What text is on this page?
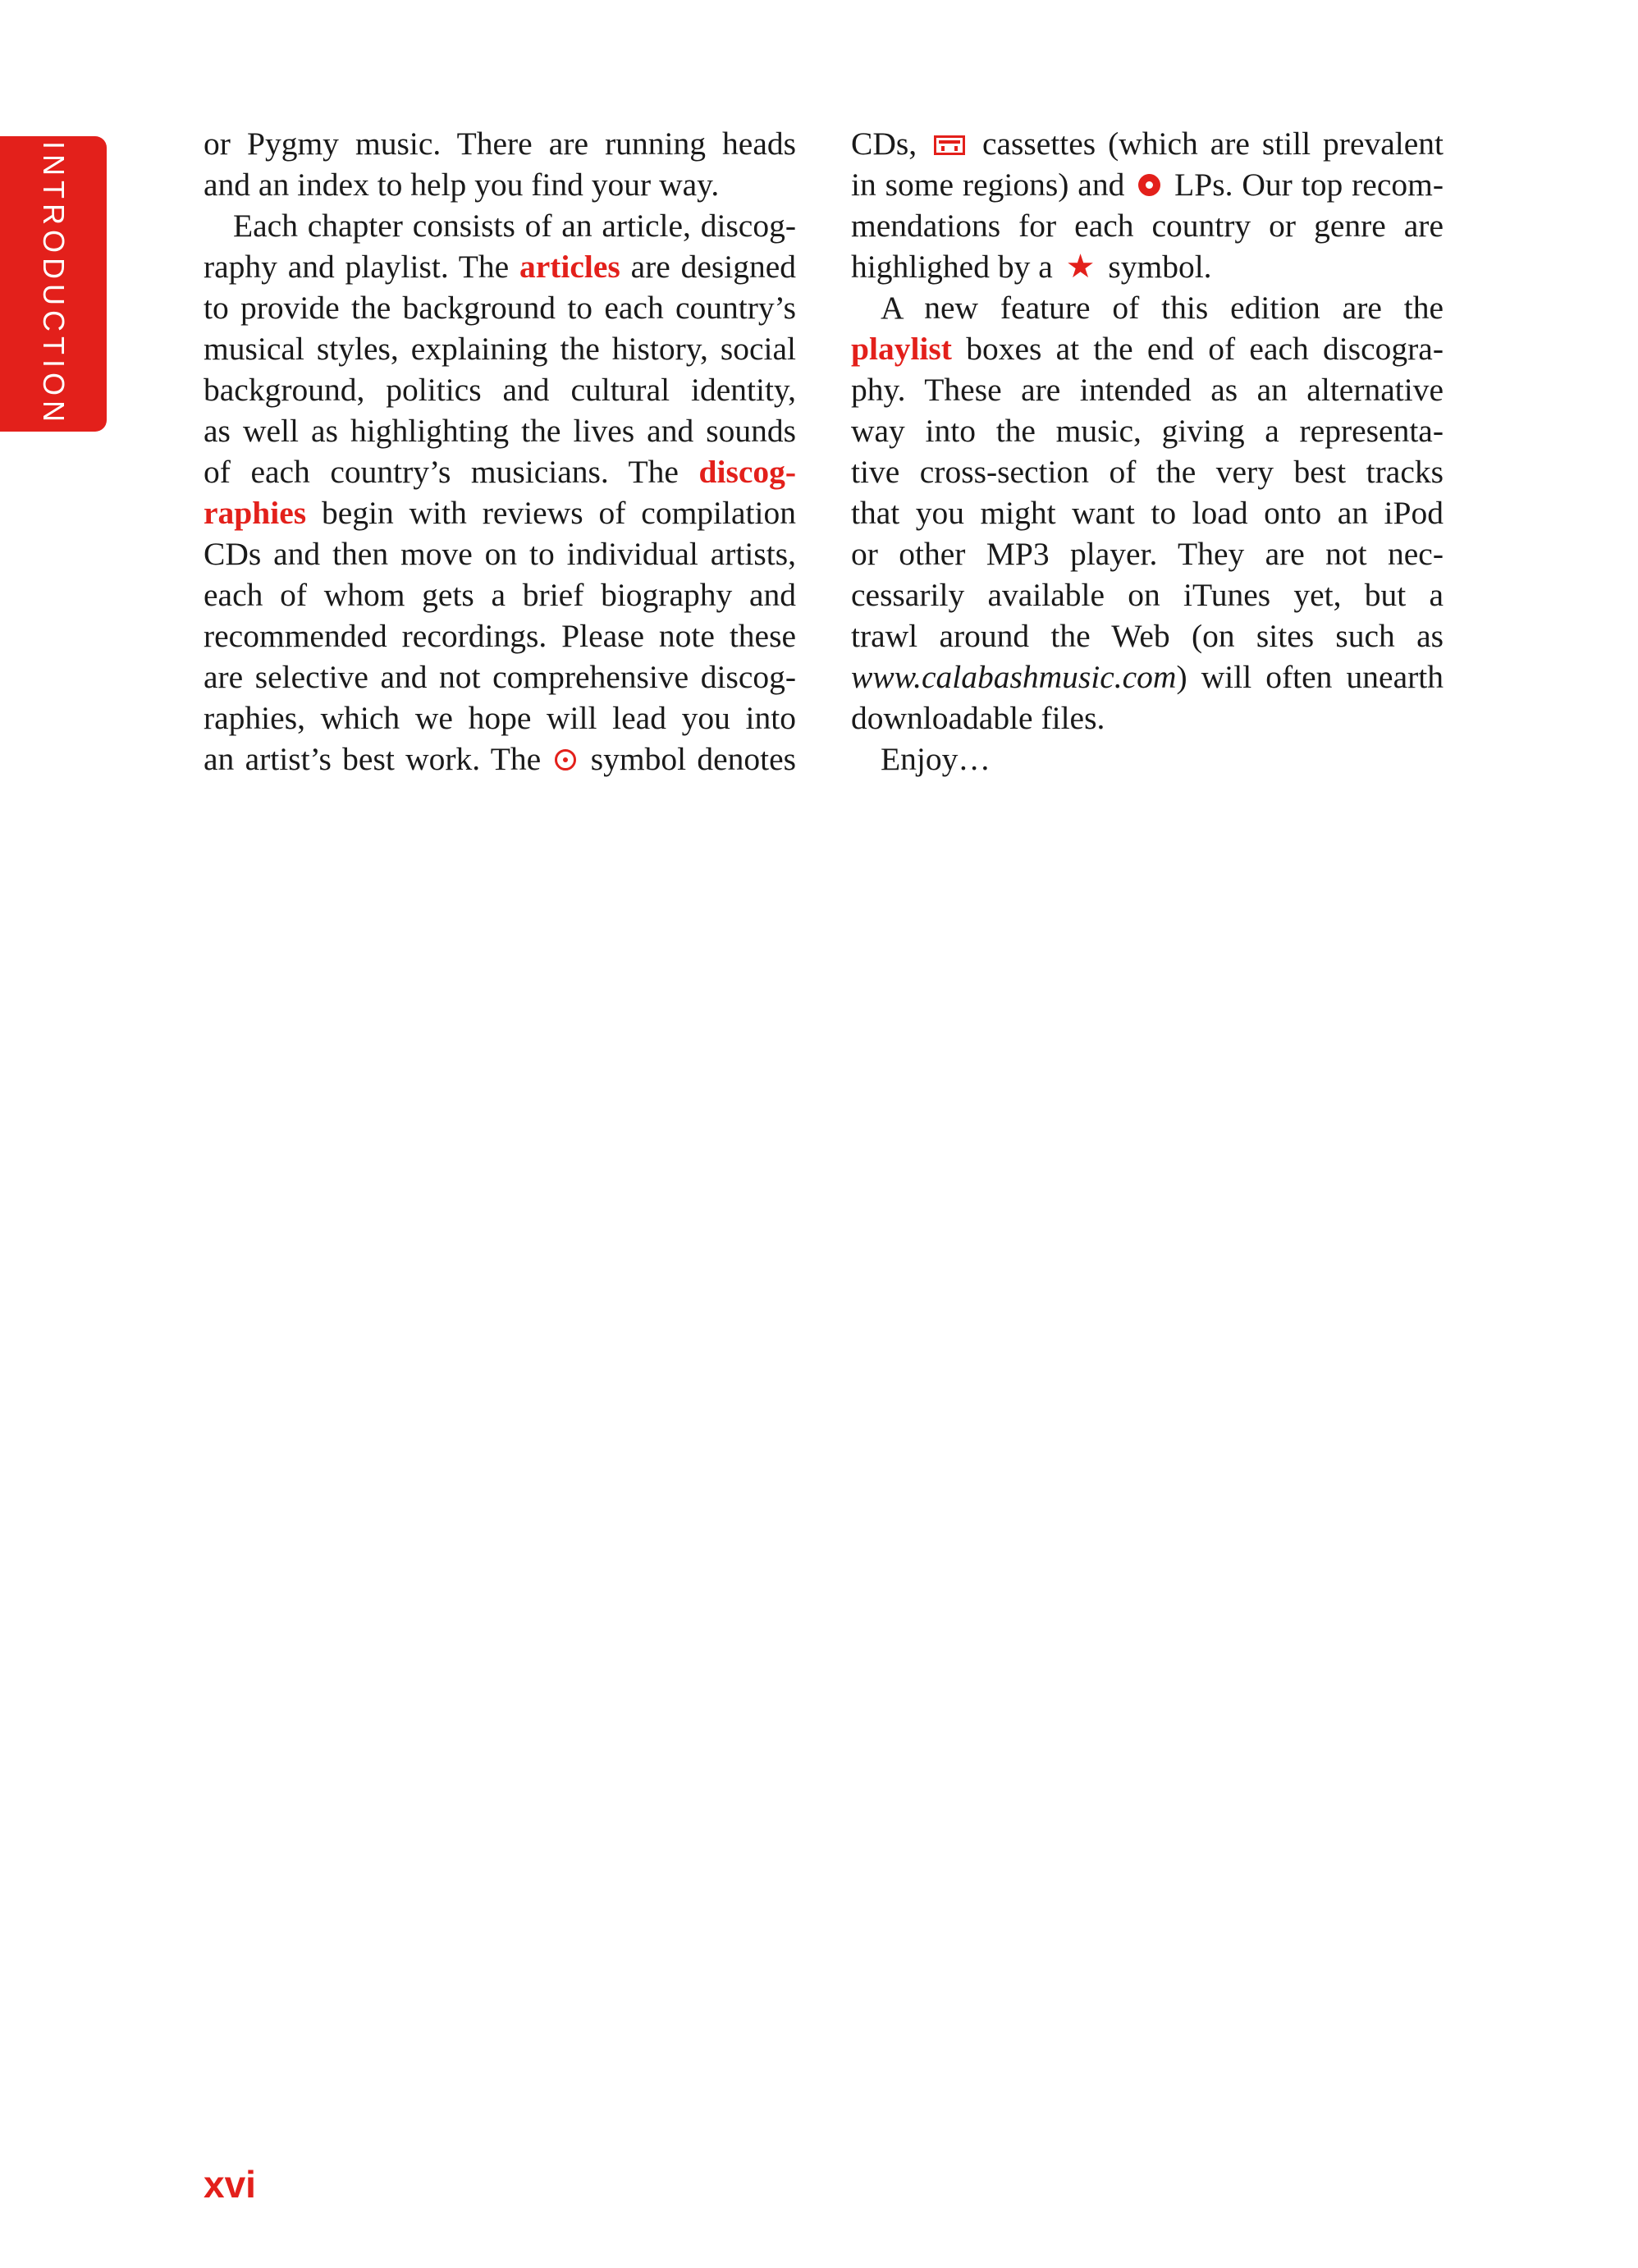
INTRODUCTION	or Pygmy music. There are running heads
and an index to help you find your way.
Each chapter consists of an article, discog-
raphy and playlist. The articles are designed
to provide the background to each country’s
musical styles, explaining the history, social
background, politics and cultural identity,
as well as highlighting the lives and sounds
of each country’s musicians. The discog-
raphies begin with reviews of compilation
CDs and then move on to individual artists,
each of whom gets a brief biography and
recommended recordings. Please note these
are selective and not comprehensive discog-
raphies, which we hope will lead you into
an artist’s best work. The  symbol denotes
CDs,  cassettes (which are still prevalent
in some regions) and  LPs. Our top recom-
mendations for each country or genre are
highlighed by a ★ symbol.
A new feature of this edition are the
playlist boxes at the end of each discogra-
phy. These are intended as an alternative
way into the music, giving a representa-
tive cross-section of the very best tracks
that you might want to load onto an iPod
or other MP3 player. They are not nec-
cessarily available on iTunes yet, but a
trawl around the Web (on sites such as
www.calabashmusic.com) will often unearth
downloadable files.
Enjoy…
xvi
